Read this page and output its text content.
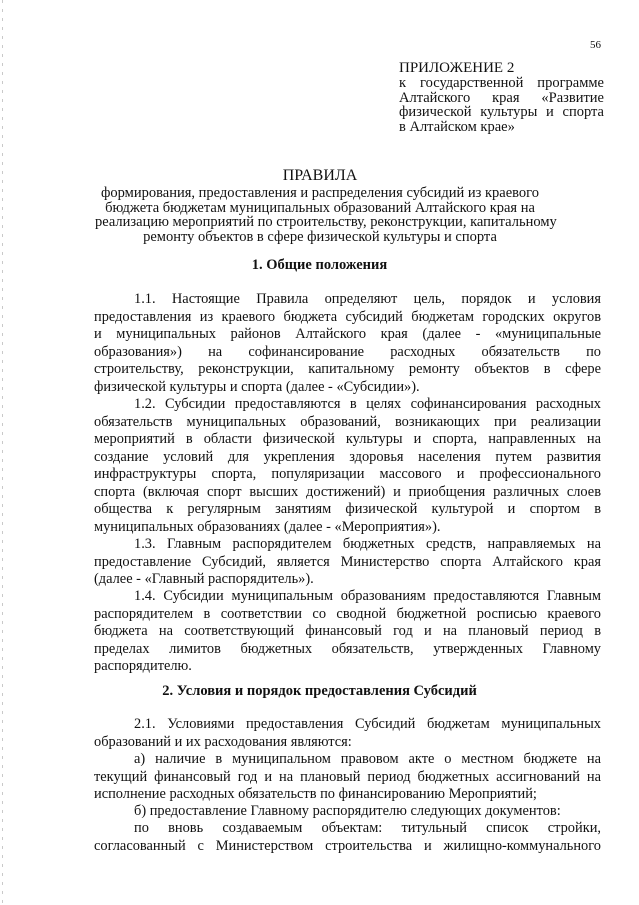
56

ПРИЛОЖЕНИЕ 2

к государственной программе

Алтайского края «Развитие

физической культуры и спорта

в Алтайском крае»

ПРАВИЛА

формирования, предоставления и распределения субсидий из краевого

бюджета бюджетам муниципальных образований Алтайского края на

реализацию мероприятий по строительству, реконструкции, капитальному

ремонту объектов в сфере физической культуры и спорта

1. Общие положения
1.1. Настоящие Правила определяют цель, порядок и условия
предоставления из краевого бюджета субсидий бюджетам городских округов
и муниципальных районов Алтайского края (далее - «муниципальные
образования») на софинансирование расходных обязательств по
строительству, реконструкции, капитальному ремонту объектов в сфере
физической культуры и спорта (далее - «Субсидии»).
1.2. Субсидии предоставляются в целях софинансирования расходных
обязательств муниципальных образований, возникающих при реализации
мероприятий в области физической культуры и спорта, направленных на
создание условий для укрепления здоровья населения путем развития
инфраструктуры спорта, популяризации массового и профессионального
спорта (включая спорт высших достижений) и приобщения различных слоев
общества к регулярным занятиям физической культурой и спортом в
муниципальных образованиях (далее - «Мероприятия»).
1.3. Главным распорядителем бюджетных средств, направляемых на
предоставление Субсидий, является Министерство спорта Алтайского края
(далее - «Главный распорядитель»).
1.4. Субсидии муниципальным образованиям предоставляются Главным
распорядителем в соответствии со сводной бюджетной росписью краевого
бюджета на соответствующий финансовый год и на плановый период в
пределах лимитов бюджетных обязательств, утвержденных Главному
распорядителю.
2. Условия и порядок предоставления Субсидий
2.1. Условиями предоставления Субсидий бюджетам муниципальных
образований и их расходования являются:
а) наличие в муниципальном правовом акте о местном бюджете на
текущий финансовый год и на плановый период бюджетных ассигнований на
исполнение расходных обязательств по финансированию Мероприятий;
б) предоставление Главному распорядителю следующих документов:
по вновь создаваемым объектам: титульный список стройки,
согласованный с Министерством строительства и жилищно-коммунального
